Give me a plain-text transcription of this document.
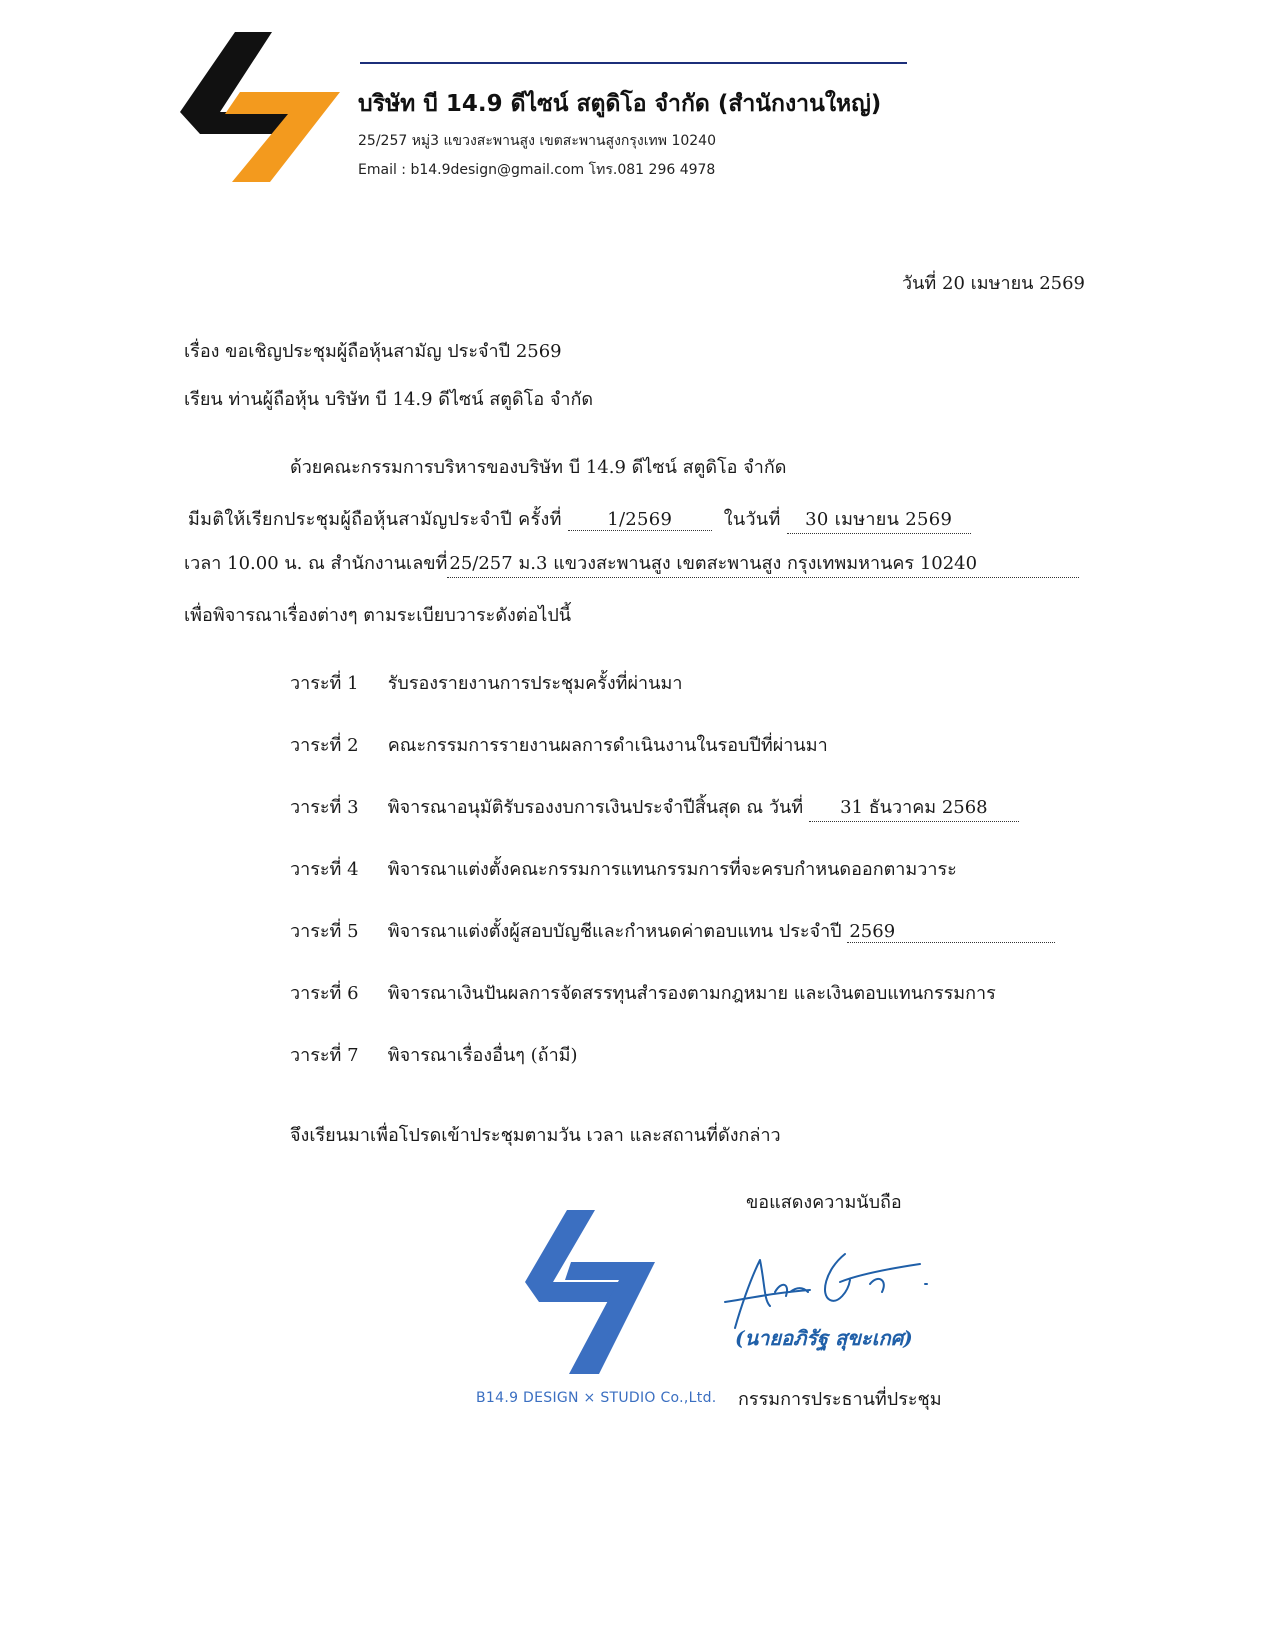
บริษัท บี 14.9 ดีไซน์ สตูดิโอ จำกัด (สำนักงานใหญ่)
25/257 หมู่3 แขวงสะพานสูง เขตสะพานสูงกรุงเทพ 10240
Email : b14.9design@gmail.com โทร.081 296 4978
วันที่ 20 เมษายน 2569
เรื่อง ขอเชิญประชุมผู้ถือหุ้นสามัญ ประจำปี 2569
เรียน ท่านผู้ถือหุ้น บริษัท บี 14.9 ดีไซน์ สตูดิโอ จำกัด
ด้วยคณะกรรมการบริหารของบริษัท บี 14.9 ดีไซน์ สตูดิโอ จำกัด
มีมติให้เรียกประชุมผู้ถือหุ้นสามัญประจำปี ครั้งที่	1/2569	ในวันที่ 30 เมษายน 2569
เวลา 10.00 น. ณ สำนักงานเลขที่ 25/257 ม.3 แขวงสะพานสูง เขตสะพานสูง กรุงเทพมหานคร 10240
เพื่อพิจารณาเรื่องต่างๆ ตามระเบียบวาระดังต่อไปนี้
วาระที่ 1 รับรองรายงานการประชุมครั้งที่ผ่านมา
วาระที่ 2 คณะกรรมการรายงานผลการดำเนินงานในรอบปีที่ผ่านมา
วาระที่ 3 พิจารณาอนุมัติรับรองงบการเงินประจำปีสิ้นสุด ณ วันที่ 31 ธันวาคม 2568
วาระที่ 4 พิจารณาแต่งตั้งคณะกรรมการแทนกรรมการที่จะครบกำหนดออกตามวาระ
วาระที่ 5 พิจารณาแต่งตั้งผู้สอบบัญชีและกำหนดค่าตอบแทน ประจำปี 2569
วาระที่ 6 พิจารณาเงินปันผลการจัดสรรทุนสำรองตามกฎหมาย และเงินตอบแทนกรรมการ
วาระที่ 7 พิจารณาเรื่องอื่นๆ (ถ้ามี)
จึงเรียนมาเพื่อโปรดเข้าประชุมตามวัน เวลา และสถานที่ดังกล่าว
ขอแสดงความนับถือ
B14.9 DESIGN × STUDIO Co.,Ltd.
(นายอภิรัฐ สุขะเกศ)
กรรมการประธานที่ประชุม
